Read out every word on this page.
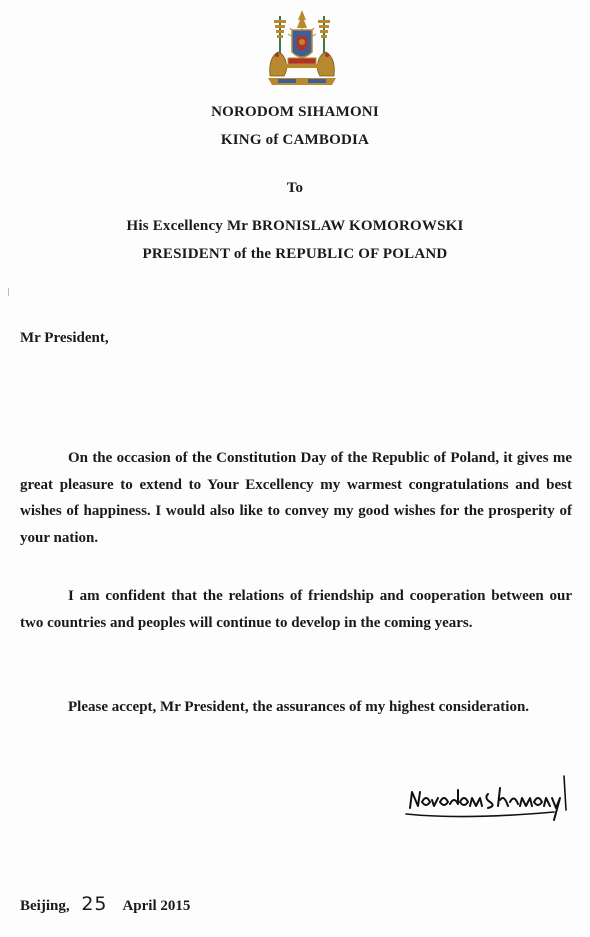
NORODOM SIHAMONI
KING of CAMBODIA
To
His Excellency Mr BRONISLAW KOMOROWSKI
PRESIDENT of the REPUBLIC OF POLAND
Mr President,
On the occasion of the Constitution Day of the Republic of Poland, it gives me great pleasure to extend to Your Excellency my warmest congratulations and best wishes of happiness. I would also like to convey my good wishes for the prosperity of your nation.
I am confident that the relations of friendship and cooperation between our two countries and peoples will continue to develop in the coming years.
Please accept, Mr President, the assurances of my highest consideration.
Beijing, 25 April 2015
